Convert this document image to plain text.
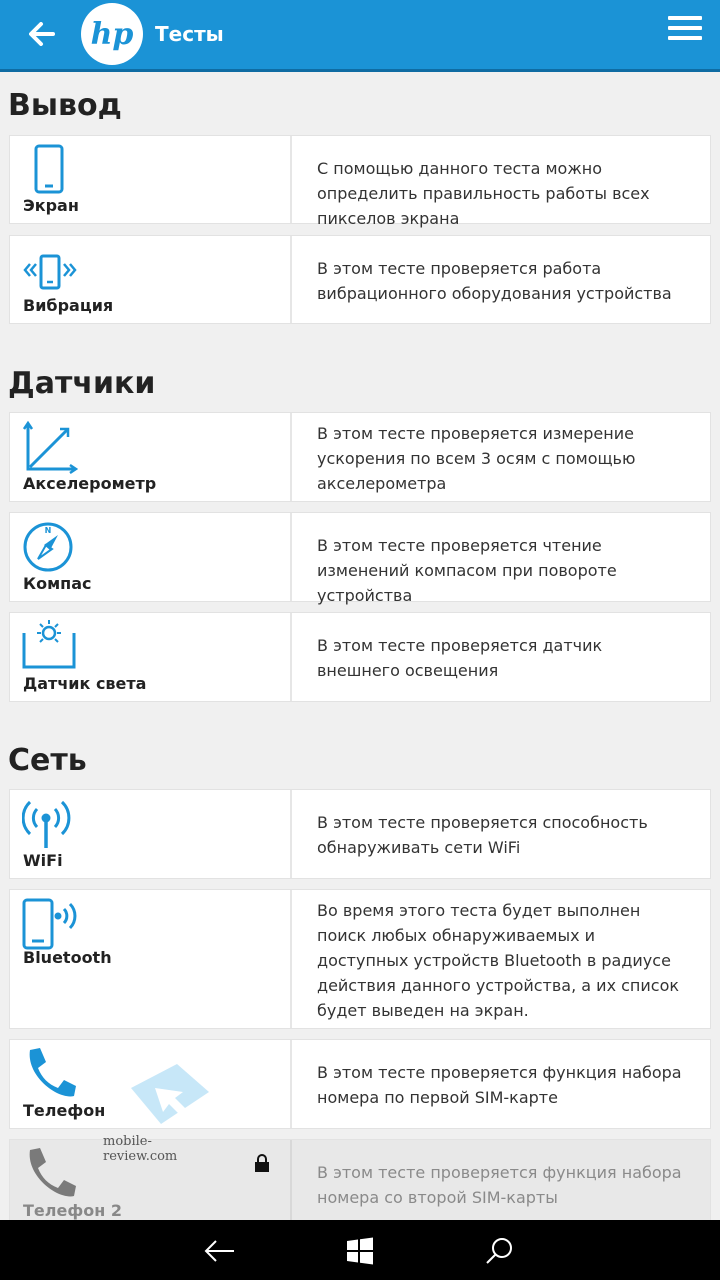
hp Тесты
Вывод
Экран
С помощью данного теста можно определить правильность работы всех пикселов экрана
Вибрация
В этом тесте проверяется работа вибрационного оборудования устройства
Датчики
Акселерометр
В этом тесте проверяется измерение ускорения по всем 3 осям с помощью акселерометра
N
Компас
В этом тесте проверяется чтение изменений компасом при повороте устройства
Датчик света
В этом тесте проверяется датчик внешнего освещения
Сеть
WiFi
В этом тесте проверяется способность обнаруживать сети WiFi
Bluetooth
Во время этого теста будет выполнен поиск любых обнаруживаемых и доступных устройств Bluetooth в радиусе действия данного устройства, а их список будет выведен на экран.
Телефон
В этом тесте проверяется функция набора номера по первой SIM-карте
Телефон 2
В этом тесте проверяется функция набора номера со второй SIM-карты
mobile-review.com
